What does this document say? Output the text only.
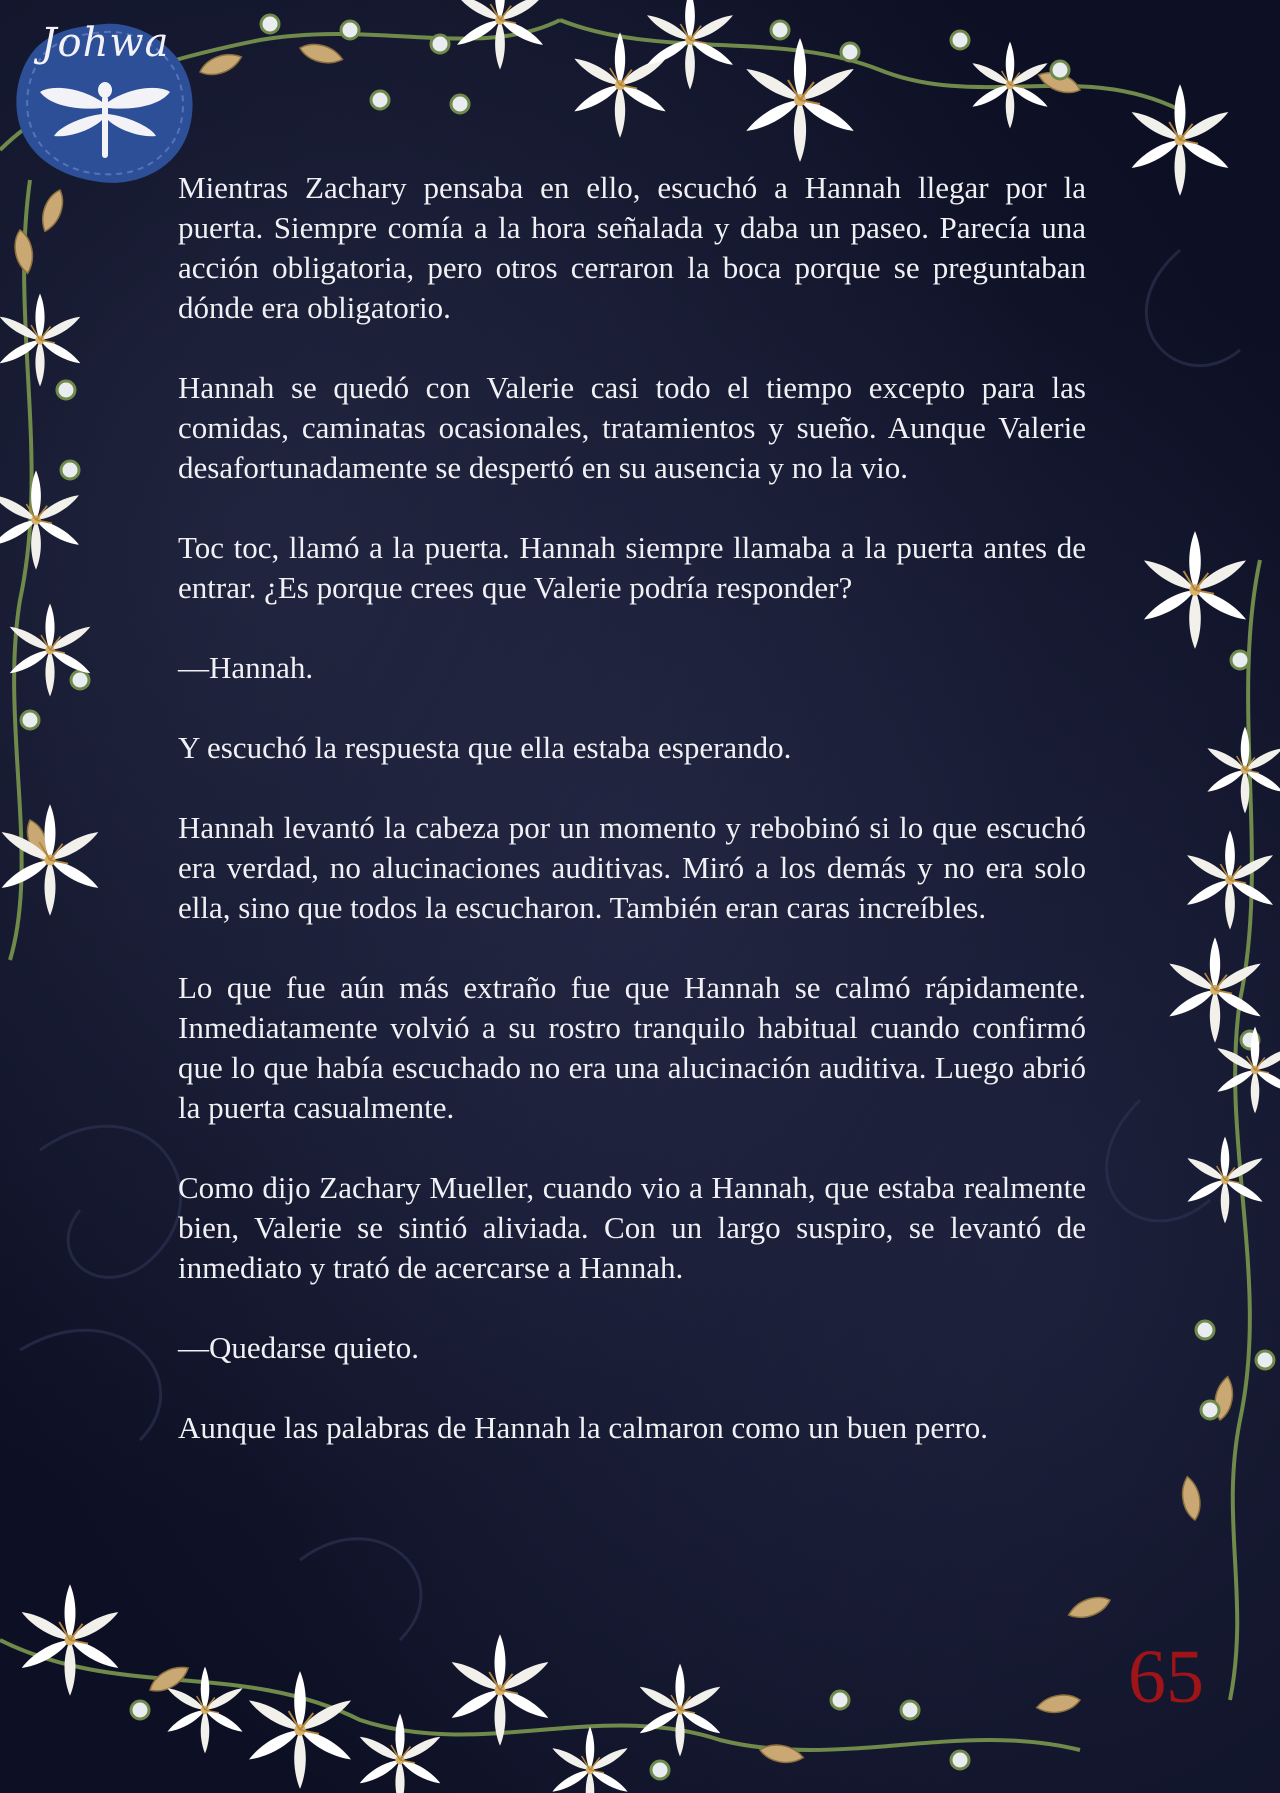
Johwa

Mientras Zachary pensaba en ello, escuchó a Hannah llegar por la puerta. Siempre comía a la hora señalada y daba un paseo. Parecía una acción obligatoria, pero otros cerraron la boca porque se preguntaban dónde era obligatorio.

Hannah se quedó con Valerie casi todo el tiempo excepto para las comidas, caminatas ocasionales, tratamientos y sueño. Aunque Valerie desafortunadamente se despertó en su ausencia y no la vio.

Toc toc, llamó a la puerta. Hannah siempre llamaba a la puerta antes de entrar. ¿Es porque crees que Valerie podría responder?

—Hannah.

Y escuchó la respuesta que ella estaba esperando.

Hannah levantó la cabeza por un momento y rebobinó si lo que escuchó era verdad, no alucinaciones auditivas. Miró a los demás y no era solo ella, sino que todos la escucharon. También eran caras increíbles.

Lo que fue aún más extraño fue que Hannah se calmó rápidamente. Inmediatamente volvió a su rostro tranquilo habitual cuando confirmó que lo que había escuchado no era una alucinación auditiva. Luego abrió la puerta casualmente.

Como dijo Zachary Mueller, cuando vio a Hannah, que estaba realmente bien, Valerie se sintió aliviada. Con un largo suspiro, se levantó de inmediato y trató de acercarse a Hannah.

—Quedarse quieto.

Aunque las palabras de Hannah la calmaron como un buen perro.

65
